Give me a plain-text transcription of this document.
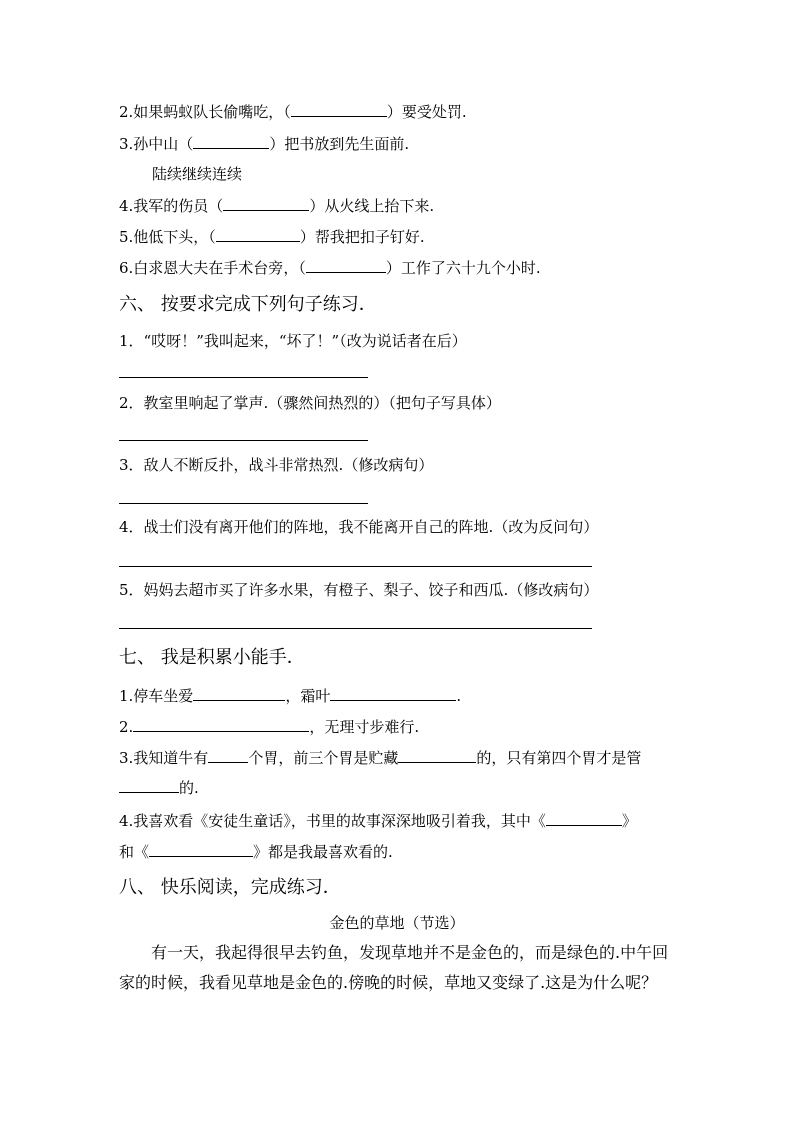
2.如果蚂蚁队长偷嘴吃，（	）要受处罚.
3.孙中山（	）把书放到先生面前.
陆续继续连续
4.我军的伤员（	）从火线上抬下来.
5.他低下头，（	）帮我把扣子钉好.
6.白求恩大夫在手术台旁，（	）工作了六十九个小时.
六、 按要求完成下列句子练习．
1．“哎呀！”我叫起来，“坏了！”（改为说话者在后）
2．教室里响起了掌声.（骤然间热烈的）（把句子写具体）
3．敌人不断反扑，战斗非常热烈.（修改病句）
4．战士们没有离开他们的阵地，我不能离开自己的阵地.（改为反问句）
5．妈妈去超市买了许多水果，有橙子、梨子、饺子和西瓜.（修改病句）
七、 我是积累小能手．
1.停车坐爱	，霜叶	.
2.	，无理寸步难行.
3.我知道牛有	个胃，前三个胃是贮藏	的，只有第四个胃才是管
的.
4.我喜欢看《安徒生童话》，书里的故事深深地吸引着我，其中《	》
和《	》都是我最喜欢看的.
八、 快乐阅读，完成练习．
金色的草地（节选）
有一天，我起得很早去钓鱼，发现草地并不是金色的，而是绿色的.中午回家的时候，我看见草地是金色的.傍晚的时候，草地又变绿了.这是为什么呢？
